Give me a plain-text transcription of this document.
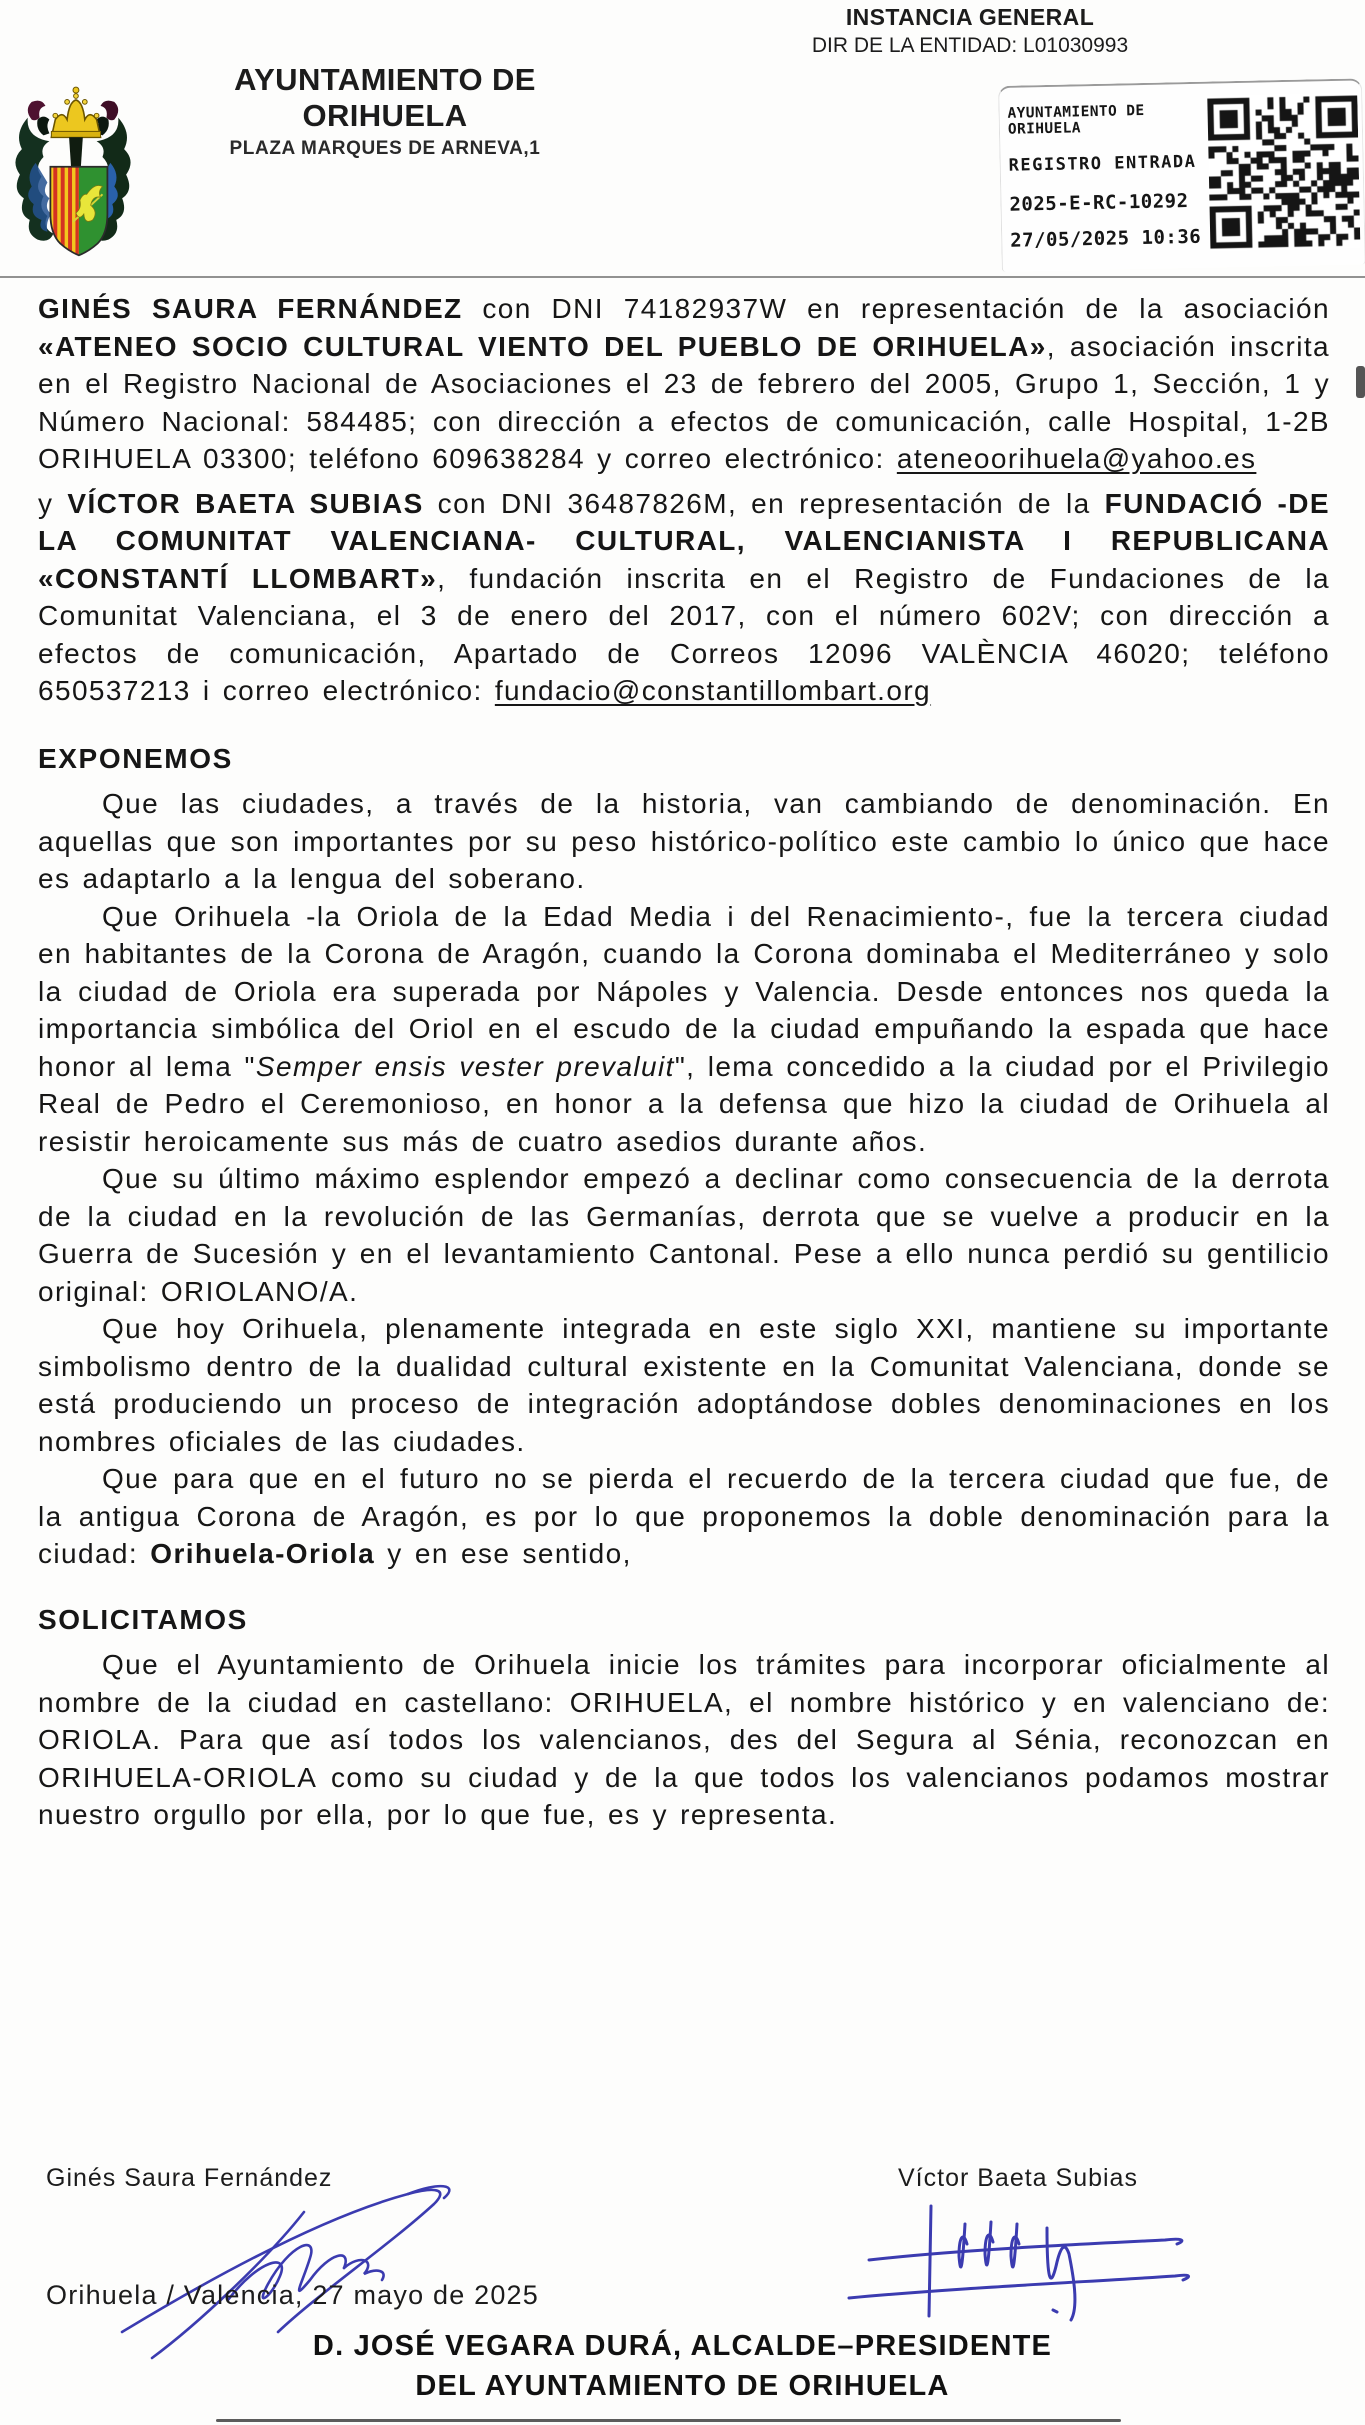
INSTANCIA GENERAL
DIR DE LA ENTIDAD: L01030993
AYUNTAMIENTO DE ORIHUELA
PLAZA MARQUES DE ARNEVA,1
AYUNTAMIENTO DE ORIHUELA
REGISTRO ENTRADA
2025-E-RC-10292
27/05/2025 10:36

GINÉS SAURA FERNÁNDEZ con DNI 74182937W en representación de la asociación «ATENEO SOCIO CULTURAL VIENTO DEL PUEBLO DE ORIHUELA», asociación inscrita en el Registro Nacional de Asociaciones el 23 de febrero del 2005, Grupo 1, Sección, 1 y Número Nacional: 584485; con dirección a efectos de comunicación, calle Hospital, 1-2B ORIHUELA 03300; teléfono 609638284 y correo electrónico: ateneoorihuela@yahoo.es

y VÍCTOR BAETA SUBIAS con DNI 36487826M, en representación de la FUNDACIÓ -DE LA COMUNITAT VALENCIANA- CULTURAL, VALENCIANISTA I REPUBLICANA «CONSTANTÍ LLOMBART», fundación inscrita en el Registro de Fundaciones de la Comunitat Valenciana, el 3 de enero del 2017, con el número 602V; con dirección a efectos de comunicación, Apartado de Correos 12096 VALÈNCIA 46020; teléfono 650537213 i correo electrónico: fundacio@constantillombart.org

EXPONEMOS

Que las ciudades, a través de la historia, van cambiando de denominación. En aquellas que son importantes por su peso histórico-político este cambio lo único que hace es adaptarlo a la lengua del soberano.

Que Orihuela -la Oriola de la Edad Media i del Renacimiento-, fue la tercera ciudad en habitantes de la Corona de Aragón, cuando la Corona dominaba el Mediterráneo y solo la ciudad de Oriola era superada por Nápoles y Valencia. Desde entonces nos queda la importancia simbólica del Oriol en el escudo de la ciudad empuñando la espada que hace honor al lema "Semper ensis vester prevaluit", lema concedido a la ciudad por el Privilegio Real de Pedro el Ceremonioso, en honor a la defensa que hizo la ciudad de Orihuela al resistir heroicamente sus más de cuatro asedios durante años.

Que su último máximo esplendor empezó a declinar como consecuencia de la derrota de la ciudad en la revolución de las Germanías, derrota que se vuelve a producir en la Guerra de Sucesión y en el levantamiento Cantonal. Pese a ello nunca perdió su gentilicio original: ORIOLANO/A.

Que hoy Orihuela, plenamente integrada en este siglo XXI, mantiene su importante simbolismo dentro de la dualidad cultural existente en la Comunitat Valenciana, donde se está produciendo un proceso de integración adoptándose dobles denominaciones en los nombres oficiales de las ciudades.

Que para que en el futuro no se pierda el recuerdo de la tercera ciudad que fue, de la antigua Corona de Aragón, es por lo que proponemos la doble denominación para la ciudad: Orihuela-Oriola y en ese sentido,

SOLICITAMOS

Que el Ayuntamiento de Orihuela inicie los trámites para incorporar oficialmente al nombre de la ciudad en castellano: ORIHUELA, el nombre histórico y en valenciano de: ORIOLA. Para que así todos los valencianos, des del Segura al Sénia, reconozcan en ORIHUELA-ORIOLA como su ciudad y de la que todos los valencianos podamos mostrar nuestro orgullo por ella, por lo que fue, es y representa.

Ginés Saura Fernández	Víctor Baeta Subias
Orihuela / Valencia, 27 mayo de 2025
D. JOSÉ VEGARA DURÁ, ALCALDE–PRESIDENTE
DEL AYUNTAMIENTO DE ORIHUELA
